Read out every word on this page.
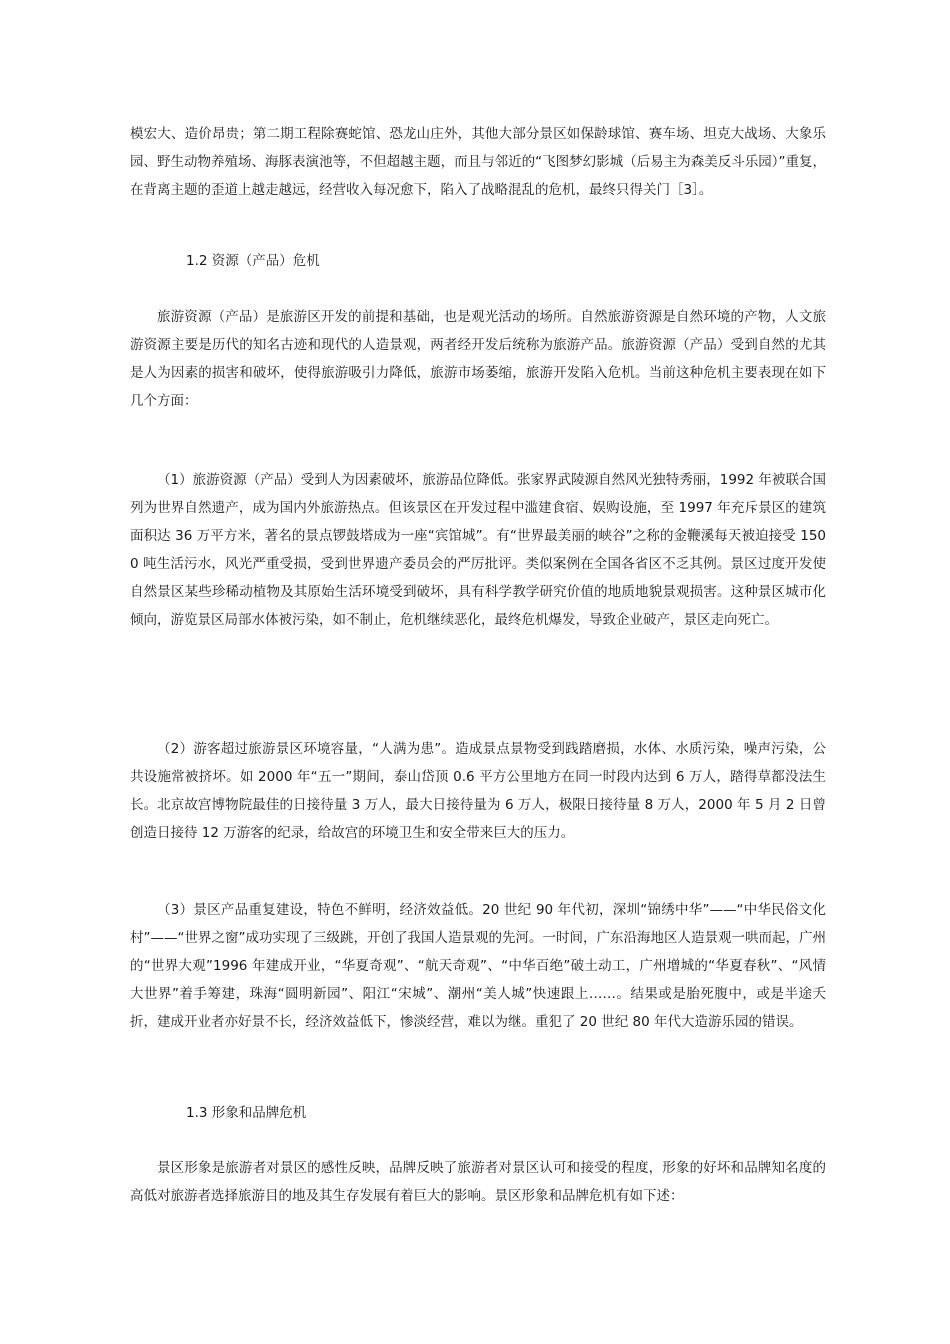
模宏大、造价昂贵；第二期工程除赛蛇馆、恐龙山庄外，其他大部分景区如保龄球馆、赛车场、坦克大战场、大象乐园、野生动物养殖场、海豚表演池等，不但超越主题，而且与邻近的“飞图梦幻影城（后易主为森美反斗乐园）”重复，在背离主题的歪道上越走越远，经营收入每况愈下，陷入了战略混乱的危机，最终只得关门［3］。

1.2 资源（产品）危机

旅游资源（产品）是旅游区开发的前提和基础，也是观光活动的场所。自然旅游资源是自然环境的产物，人文旅游资源主要是历代的知名古迹和现代的人造景观，两者经开发后统称为旅游产品。旅游资源（产品）受到自然的尤其是人为因素的损害和破坏，使得旅游吸引力降低，旅游市场萎缩，旅游开发陷入危机。当前这种危机主要表现在如下几个方面：

（1）旅游资源（产品）受到人为因素破坏，旅游品位降低。张家界武陵源自然风光独特秀丽，1992 年被联合国列为世界自然遗产，成为国内外旅游热点。但该景区在开发过程中滥建食宿、娱购设施，至 1997 年充斥景区的建筑面积达 36 万平方米，著名的景点锣鼓塔成为一座“宾馆城”。有“世界最美丽的峡谷”之称的金鞭溪每天被迫接受 1500 吨生活污水，风光严重受损，受到世界遗产委员会的严厉批评。类似案例在全国各省区不乏其例。景区过度开发使自然景区某些珍稀动植物及其原始生活环境受到破坏，具有科学教学研究价值的地质地貌景观损害。这种景区城市化倾向，游览景区局部水体被污染，如不制止，危机继续恶化，最终危机爆发，导致企业破产，景区走向死亡。

（2）游客超过旅游景区环境容量，“人满为患”。造成景点景物受到践踏磨损，水体、水质污染，噪声污染，公共设施常被挤坏。如 2000 年“五一”期间，泰山岱顶 0.6 平方公里地方在同一时段内达到 6 万人，踏得草都没法生长。北京故宫博物院最佳的日接待量 3 万人，最大日接待量为 6 万人，极限日接待量 8 万人，2000 年 5 月 2 日曾创造日接待 12 万游客的纪录，给故宫的环境卫生和安全带来巨大的压力。

（3）景区产品重复建设，特色不鲜明，经济效益低。20 世纪 90 年代初，深圳“锦绣中华”——“中华民俗文化村”——“世界之窗”成功实现了三级跳，开创了我国人造景观的先河。一时间，广东沿海地区人造景观一哄而起，广州的“世界大观”1996 年建成开业，“华夏奇观”、“航天奇观”、“中华百绝”破土动工，广州增城的“华夏春秋”、“风情大世界”着手筹建，珠海“圆明新园”、阳江“宋城”、潮州“美人城”快速跟上……。结果或是胎死腹中，或是半途夭折，建成开业者亦好景不长，经济效益低下，惨淡经营，难以为继。重犯了 20 世纪 80 年代大造游乐园的错误。

1.3 形象和品牌危机

景区形象是旅游者对景区的感性反映，品牌反映了旅游者对景区认可和接受的程度，形象的好坏和品牌知名度的高低对旅游者选择旅游目的地及其生存发展有着巨大的影响。景区形象和品牌危机有如下述：
